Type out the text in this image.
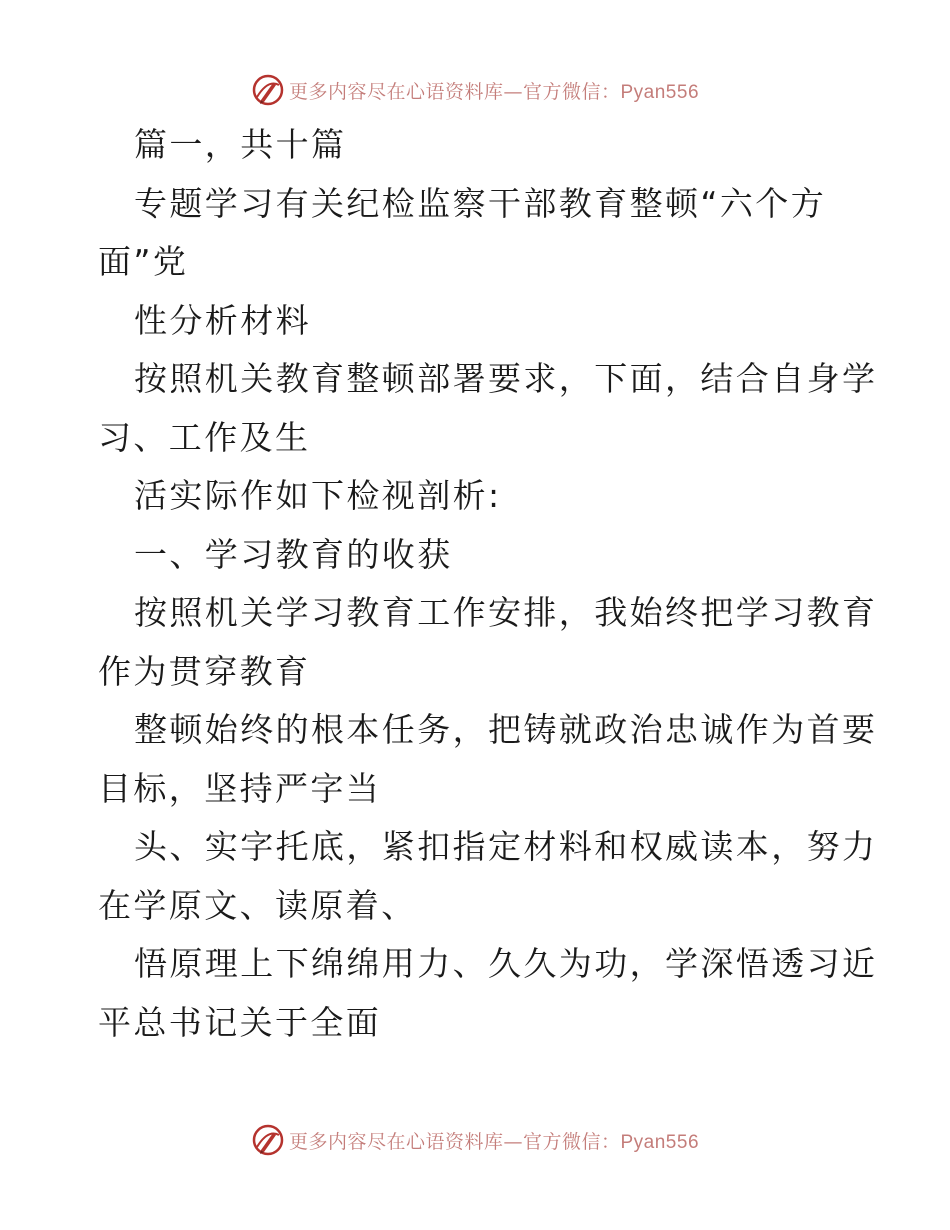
更多内容尽在心语资料库—官方微信：Pyan556
篇一，共十篇
专题学习有关纪检监察干部教育整顿“六个方
面”党
性分析材料
按照机关教育整顿部署要求，下面，结合自身学
习、工作及生
活实际作如下检视剖析:
一、学习教育的收获
按照机关学习教育工作安排，我始终把学习教育
作为贯穿教育
整顿始终的根本任务，把铸就政治忠诚作为首要
目标，坚持严字当
头、实字托底，紧扣指定材料和权威读本，努力
在学原文、读原着、
悟原理上下绵绵用力、久久为功，学深悟透习近
平总书记关于全面
更多内容尽在心语资料库—官方微信：Pyan556
